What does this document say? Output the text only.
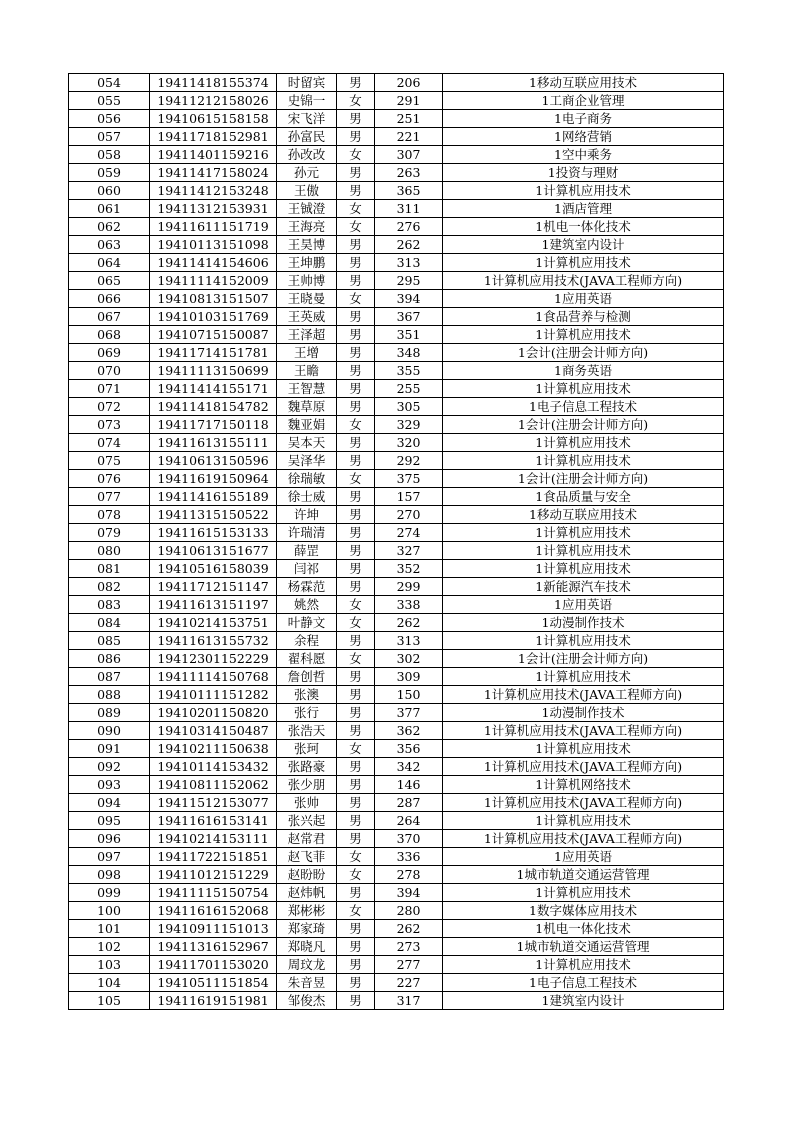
054	19411418155374	时留宾	男	206	1移动互联应用技术
055	19411212158026	史锦一	女	291	1工商企业管理
056	19410615158158	宋飞洋	男	251	1电子商务
057	19411718152981	孙富民	男	221	1网络营销
058	19411401159216	孙改改	女	307	1空中乘务
059	19411417158024	孙元	男	263	1投资与理财
060	19411412153248	王傲	男	365	1计算机应用技术
061	19411312153931	王铖澄	女	311	1酒店管理
062	19411611151719	王海亮	女	276	1机电一体化技术
063	19410113151098	王昊博	男	262	1建筑室内设计
064	19411414154606	王坤鹏	男	313	1计算机应用技术
065	19411114152009	王帅博	男	295	1计算机应用技术(JAVA工程师方向)
066	19410813151507	王晓曼	女	394	1应用英语
067	19410103151769	王英威	男	367	1食品营养与检测
068	19410715150087	王泽超	男	351	1计算机应用技术
069	19411714151781	王增	男	348	1会计(注册会计师方向)
070	19411113150699	王瞻	男	355	1商务英语
071	19411414155171	王智慧	男	255	1计算机应用技术
072	19411418154782	魏草原	男	305	1电子信息工程技术
073	19411717150118	魏亚娟	女	329	1会计(注册会计师方向)
074	19411613155111	吴本天	男	320	1计算机应用技术
075	19410613150596	吴泽华	男	292	1计算机应用技术
076	19411619150964	徐瑞敏	女	375	1会计(注册会计师方向)
077	19411416155189	徐士威	男	157	1食品质量与安全
078	19411315150522	许坤	男	270	1移动互联应用技术
079	19411615153133	许瑞清	男	274	1计算机应用技术
080	19410613151677	薛罡	男	327	1计算机应用技术
081	19410516158039	闫祁	男	352	1计算机应用技术
082	19411712151147	杨霖范	男	299	1新能源汽车技术
083	19411613151197	姚然	女	338	1应用英语
084	19410214153751	叶静文	女	262	1动漫制作技术
085	19411613155732	余程	男	313	1计算机应用技术
086	19412301152229	翟科愿	女	302	1会计(注册会计师方向)
087	19411114150768	詹创哲	男	309	1计算机应用技术
088	19410111151282	张澳	男	150	1计算机应用技术(JAVA工程师方向)
089	19410201150820	张行	男	377	1动漫制作技术
090	19410314150487	张浩天	男	362	1计算机应用技术(JAVA工程师方向)
091	19410211150638	张珂	女	356	1计算机应用技术
092	19410114153432	张路豪	男	342	1计算机应用技术(JAVA工程师方向)
093	19410811152062	张少朋	男	146	1计算机网络技术
094	19411512153077	张帅	男	287	1计算机应用技术(JAVA工程师方向)
095	19411616153141	张兴起	男	264	1计算机应用技术
096	19410214153111	赵常君	男	370	1计算机应用技术(JAVA工程师方向)
097	19411722151851	赵飞菲	女	336	1应用英语
098	19411012151229	赵盼盼	女	278	1城市轨道交通运营管理
099	19411115150754	赵炜帆	男	394	1计算机应用技术
100	19411616152068	郑彬彬	女	280	1数字媒体应用技术
101	19410911151013	郑家琦	男	262	1机电一体化技术
102	19411316152967	郑晓凡	男	273	1城市轨道交通运营管理
103	19411701153020	周玟龙	男	277	1计算机应用技术
104	19410511151854	朱音昱	男	227	1电子信息工程技术
105	19411619151981	邹俊杰	男	317	1建筑室内设计
